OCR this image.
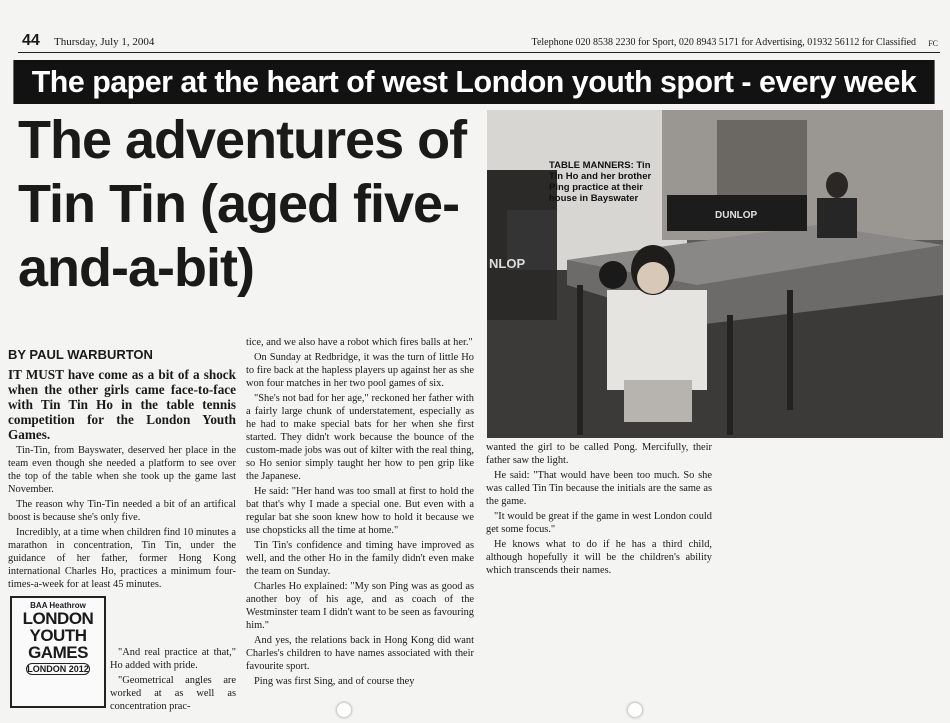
44 Thursday, July 1, 2004	Telephone 020 8538 2230 for Sport, 020 8943 5171 for Advertising, 01932 56112 for Classified FC
The paper at the heart of west London youth sport - every week
The adventures of Tin Tin (aged five-and-a-bit)
BY PAUL WARBURTON

IT MUST have come as a bit of a shock when the other girls came face-to-face with Tin Tin Ho in the table tennis competition for the London Youth Games.

Tin-Tin, from Bayswater, deserved her place in the team even though she needed a platform to see over the top of the table when she took up the game last November.

The reason why Tin-Tin needed a bit of an artifical boost is because she's only five.

Incredibly, at a time when children find 10 minutes a marathon in concentration, Tin Tin, under the guidance of her father, former Hong Kong international Charles Ho, practices a minimum four-times-a-week for at least 45 minutes.

"And real practice at that," Ho added with pride.

"Geometrical angles are worked at as well as concentration prac-

tice, and we also have a robot which fires balls at her."

On Sunday at Redbridge, it was the turn of little Ho to fire back at the hapless players up against her as she won four matches in her two pool games of six.

"She's not bad for her age," reckoned her father with a fairly large chunk of understatement, especially as he had to make special bats for her when she first started. They didn't work because the bounce of the custom-made jobs was out of kilter with the real thing, so Ho senior simply taught her how to pen grip like the Japanese.

He said: "Her hand was too small at first to hold the bat that's why I made a special one. But even with a regular bat she soon knew how to hold it because we use chopsticks all the time at home."

Tin Tin's confidence and timing have improved as well, and the other Ho in the family didn't even make the team on Sunday.

Charles Ho explained: "My son Ping was as good as another boy of his age, and as coach of the Westminster team I didn't want to be seen as favouring him."

And yes, the relations back in Hong Kong did want Charles's children to have names associated with their favourite sport.

Ping was first Sing, and of course they

NLOP
DUNLOP
TABLE MANNERS: Tin Tin Ho and her brother Ping practice at their house in Bayswater

wanted the girl to be called Pong. Mercifully, their father saw the light.

He said: "That would have been too much. So she was called Tin Tin because the initials are the same as the game.

"It would be great if the game in west London could get some focus."

He knows what to do if he has a third child, although hopefully it will be the children's ability which transcends their names.

BAA Heathrow
LONDON
YOUTH
GAMES
LONDON 2012
